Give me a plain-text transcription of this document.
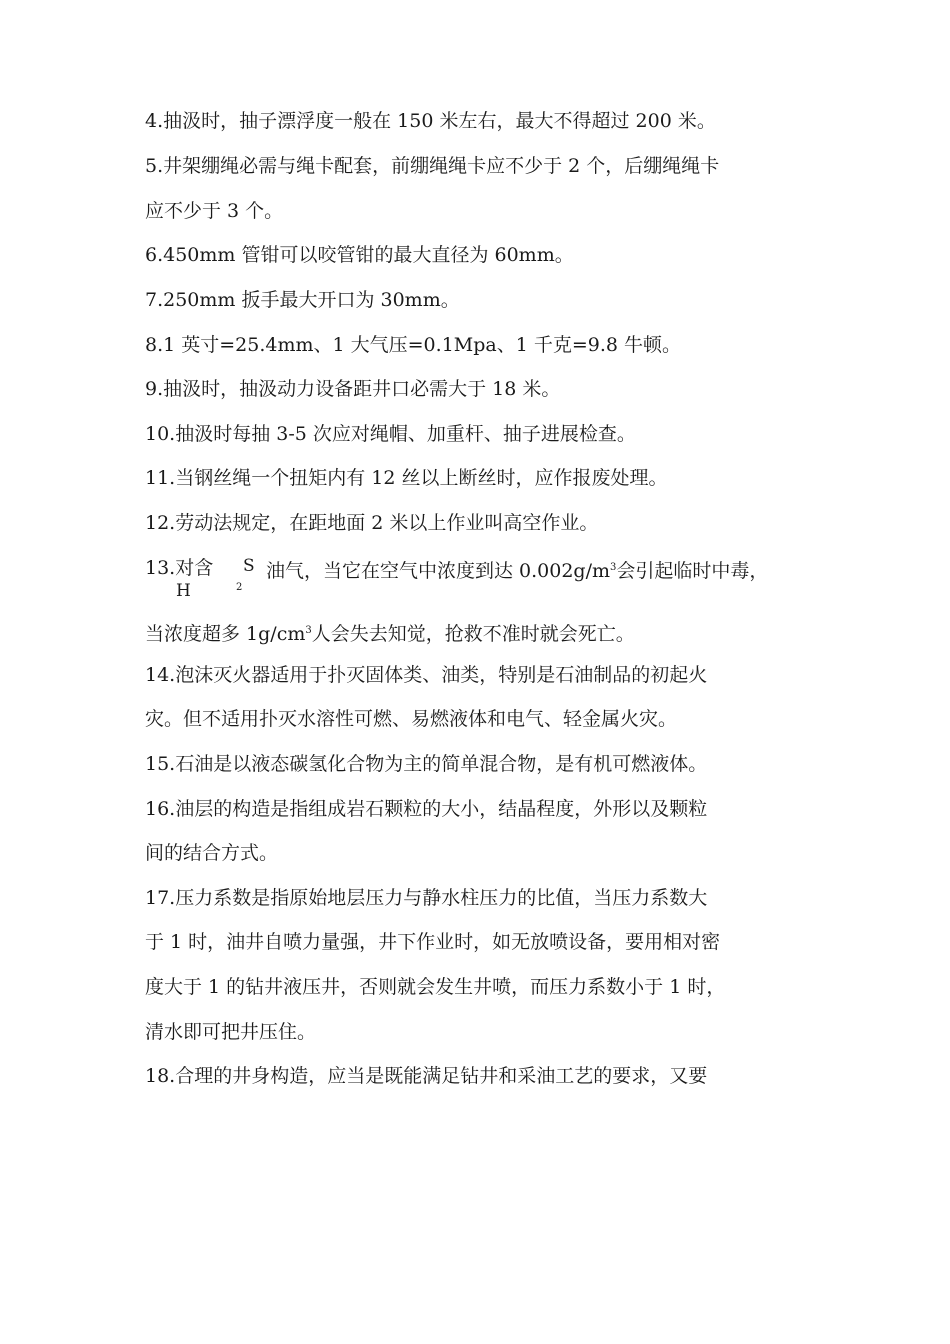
4.抽汲时，抽子漂浮度一般在 150 米左右，最大不得超过 200 米。
5.井架绷绳必需与绳卡配套，前绷绳绳卡应不少于 2 个，后绷绳绳卡
应不少于 3 个。
6.450mm 管钳可以咬管钳的最大直径为 60mm。
7.250mm 扳手最大开口为 30mm。
8.1 英寸=25.4mm、1 大气压=0.1Mpa、1 千克=9.8 牛顿。
9.抽汲时，抽汲动力设备距井口必需大于 18 米。
10.抽汲时每抽 3-5 次应对绳帽、加重杆、抽子进展检查。
11.当钢丝绳一个扭矩内有 12 丝以上断丝时，应作报废处理。
12.劳动法规定，在距地面 2 米以上作业叫高空作业。
13.对含 S
H	2
油气，当它在空气中浓度到达 $0.002g/m^3$会引起临时中毒，
当浓度超多 $1g/cm^3$人会失去知觉，抢救不准时就会死亡。
14.泡沫灭火器适用于扑灭固体类、油类，特别是石油制品的初起火
灾。但不适用扑灭水溶性可燃、易燃液体和电气、轻金属火灾。
15.石油是以液态碳氢化合物为主的简单混合物，是有机可燃液体。
16.油层的构造是指组成岩石颗粒的大小，结晶程度，外形以及颗粒
间的结合方式。
17.压力系数是指原始地层压力与静水柱压力的比值，当压力系数大
于 1 时，油井自喷力量强，井下作业时，如无放喷设备，要用相对密
度大于 1 的钻井液压井，否则就会发生井喷，而压力系数小于 1 时，
清水即可把井压住。
18.合理的井身构造，应当是既能满足钻井和采油工艺的要求，又要
